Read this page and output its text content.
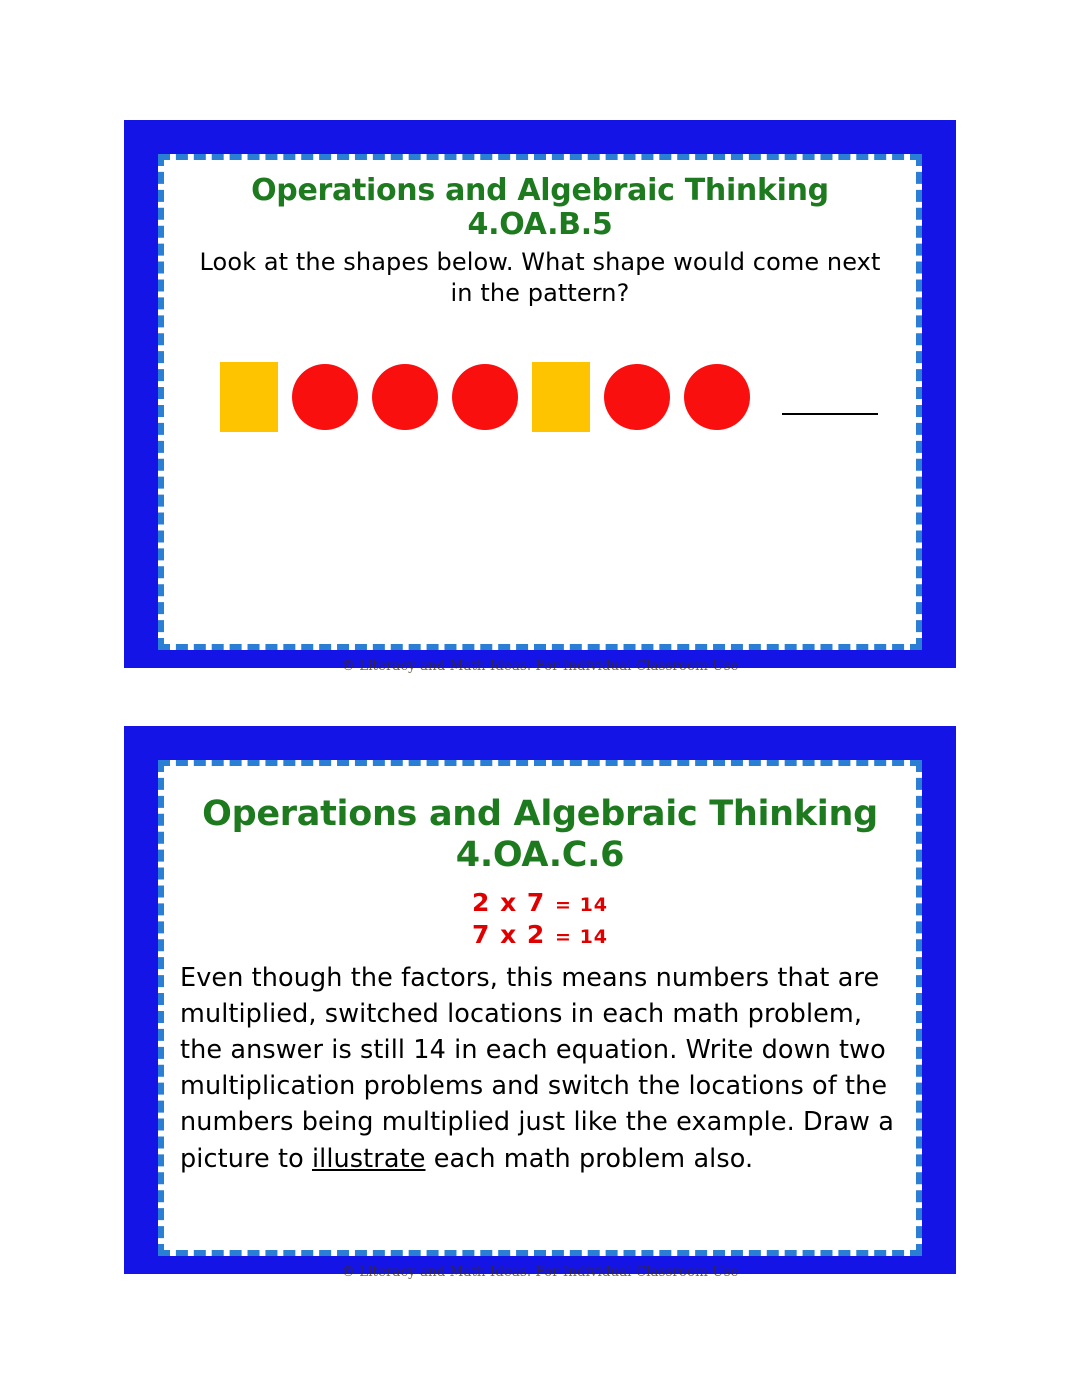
Operations and Algebraic Thinking 4.OA.B.5
Look at the shapes below. What shape would come next in the pattern?
© Literacy and Math Ideas. For Individual Classroom Use
Operations and Algebraic Thinking 4.OA.C.6
2 x 7 = 14
7 x 2 = 14
Even though the factors, this means numbers that are multiplied, switched locations in each math problem, the answer is still 14 in each equation. Write down two multiplication problems and switch the locations of the numbers being multiplied just like the example. Draw a picture to illustrate each math problem also.
© Literacy and Math Ideas. For Individual Classroom Use
